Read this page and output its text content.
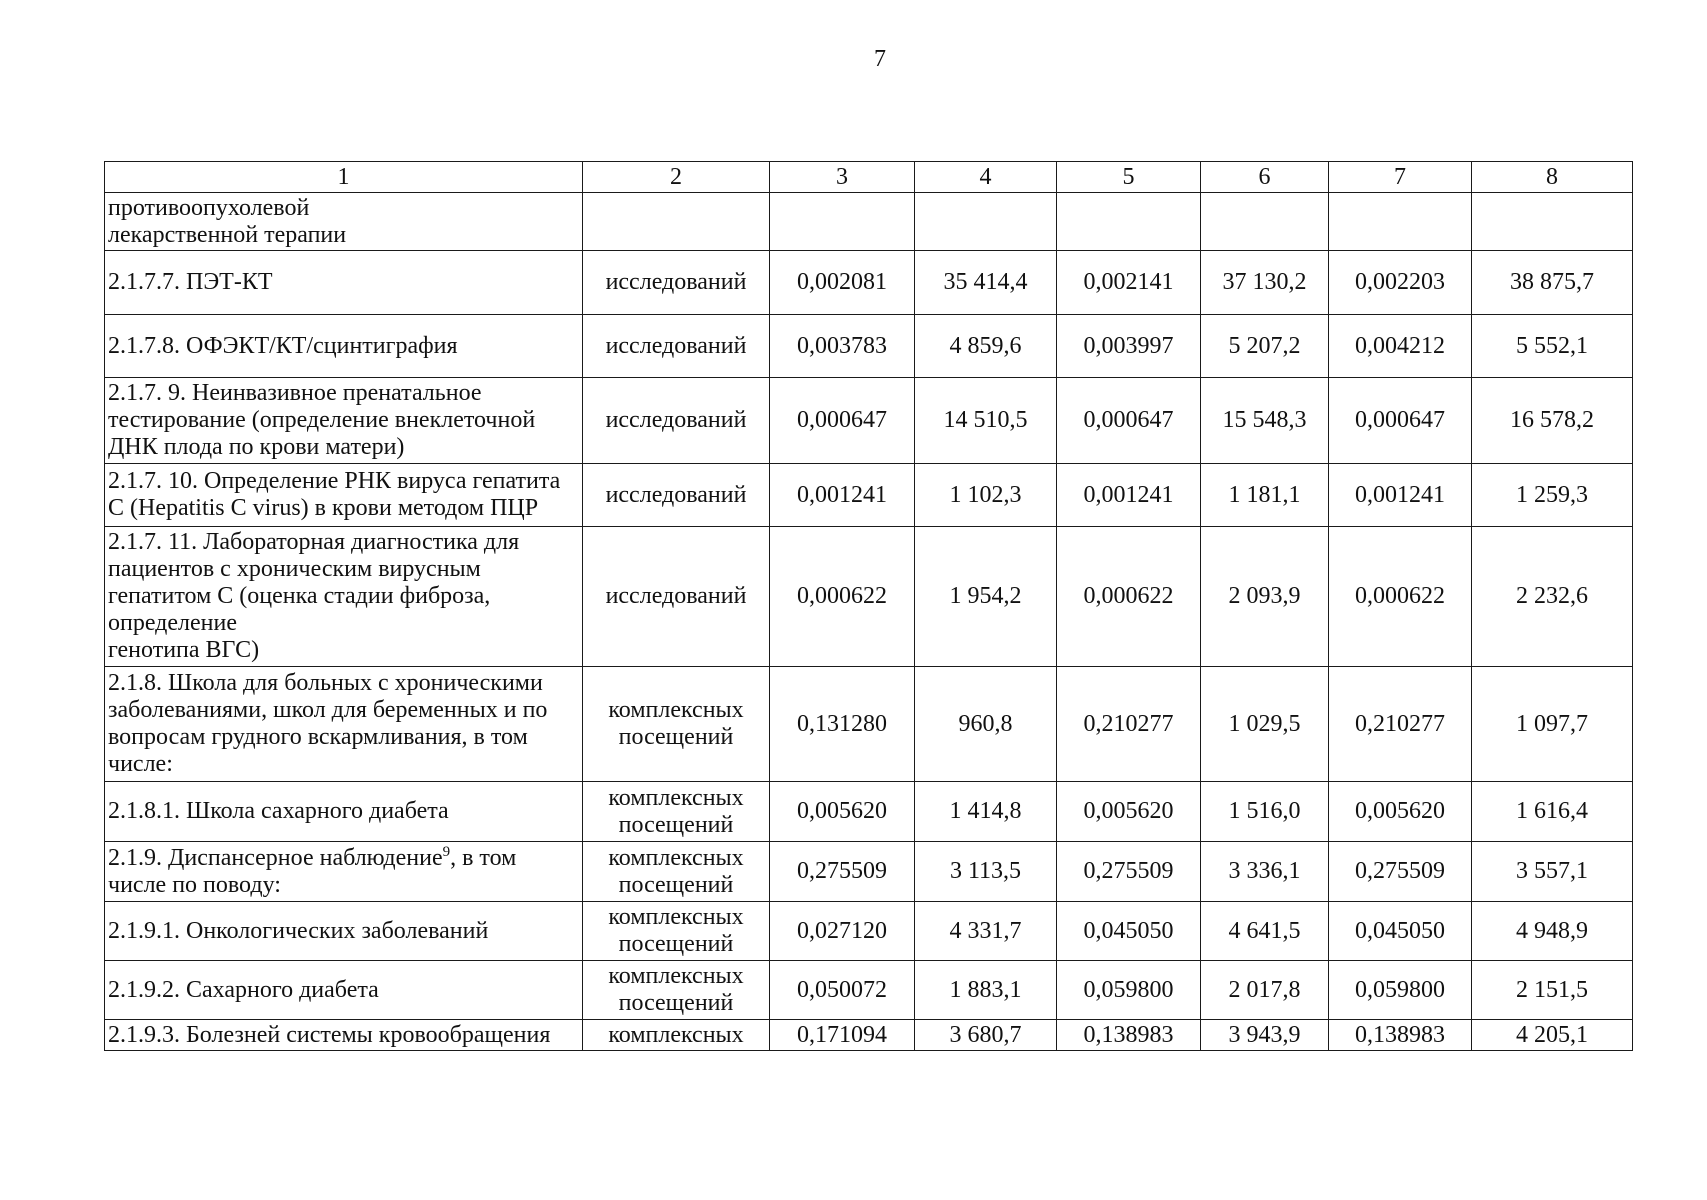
7
1	2	3	4	5	6	7	8

противоопухолевой
лекарственной терапии							

2.1.7.7. ПЭТ-КТ	исследований	0,002081	35 414,4	0,002141	37 130,2	0,002203	38 875,7

2.1.7.8. ОФЭКТ/КТ/сцинтиграфия	исследований	0,003783	4 859,6	0,003997	5 207,2	0,004212	5 552,1

2.1.7. 9. Неинвазивное пренатальное
тестирование (определение внеклеточной
ДНК плода по крови матери)	исследований	0,000647	14 510,5	0,000647	15 548,3	0,000647	16 578,2

2.1.7. 10. Определение РНК вируса гепатита
С (Hepatitis C virus) в крови методом ПЦР	исследований	0,001241	1 102,3	0,001241	1 181,1	0,001241	1 259,3

2.1.7. 11. Лабораторная диагностика для
пациентов с хроническим вирусным
гепатитом С (оценка стадии фиброза,
определение
генотипа ВГС)	исследований	0,000622	1 954,2	0,000622	2 093,9	0,000622	2 232,6

2.1.8. Школа для больных с хроническими
заболеваниями, школ для беременных и по
вопросам грудного вскармливания, в том
числе:	комплексных
посещений	0,131280	960,8	0,210277	1 029,5	0,210277	1 097,7

2.1.8.1. Школа сахарного диабета	комплексных
посещений	0,005620	1 414,8	0,005620	1 516,0	0,005620	1 616,4

2.1.9. Диспансерное наблюдение$^9$, в том
числе по поводу:	комплексных
посещений	0,275509	3 113,5	0,275509	3 336,1	0,275509	3 557,1

2.1.9.1. Онкологических заболеваний	комплексных
посещений	0,027120	4 331,7	0,045050	4 641,5	0,045050	4 948,9

2.1.9.2. Сахарного диабета	комплексных
посещений	0,050072	1 883,1	0,059800	2 017,8	0,059800	2 151,5

2.1.9.3. Болезней системы кровообращения	комплексных	0,171094	3 680,7	0,138983	3 943,9	0,138983	4 205,1
